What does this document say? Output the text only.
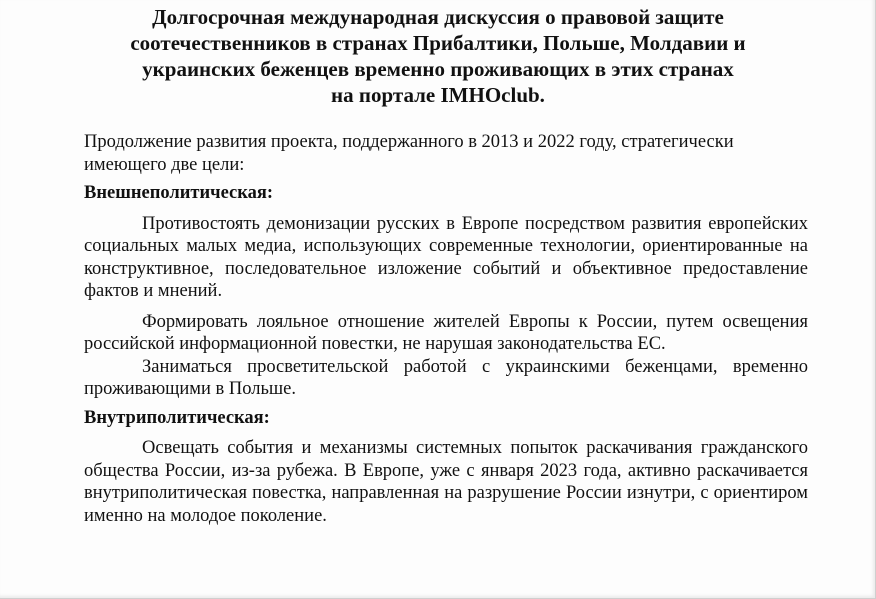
Долгосрочная международная дискуссия о правовой защите
соотечественников в странах Прибалтики, Польше, Молдавии и
украинских беженцев временно проживающих в этих странах
на портале IMHOclub.

Продолжение развития проекта, поддержанного в 2013 и 2022 году, стратегически имеющего две цели:

Внешнеполитическая:

Противостоять демонизации русских в Европе посредством развития европейских социальных малых медиа, использующих современные технологии, ориентированные на конструктивное, последовательное изложение событий и объективное предоставление фактов и мнений.

Формировать лояльное отношение жителей Европы к России, путем освещения российской информационной повестки, не нарушая законодательства ЕС.

Заниматься просветительской работой с украинскими беженцами, временно проживающими в Польше.

Внутриполитическая:

Освещать события и механизмы системных попыток раскачивания гражданского общества России, из-за рубежа. В Европе, уже с января 2023 года, активно раскачивается внутриполитическая повестка, направленная на разрушение России изнутри, с ориентиром именно на молодое поколение.
